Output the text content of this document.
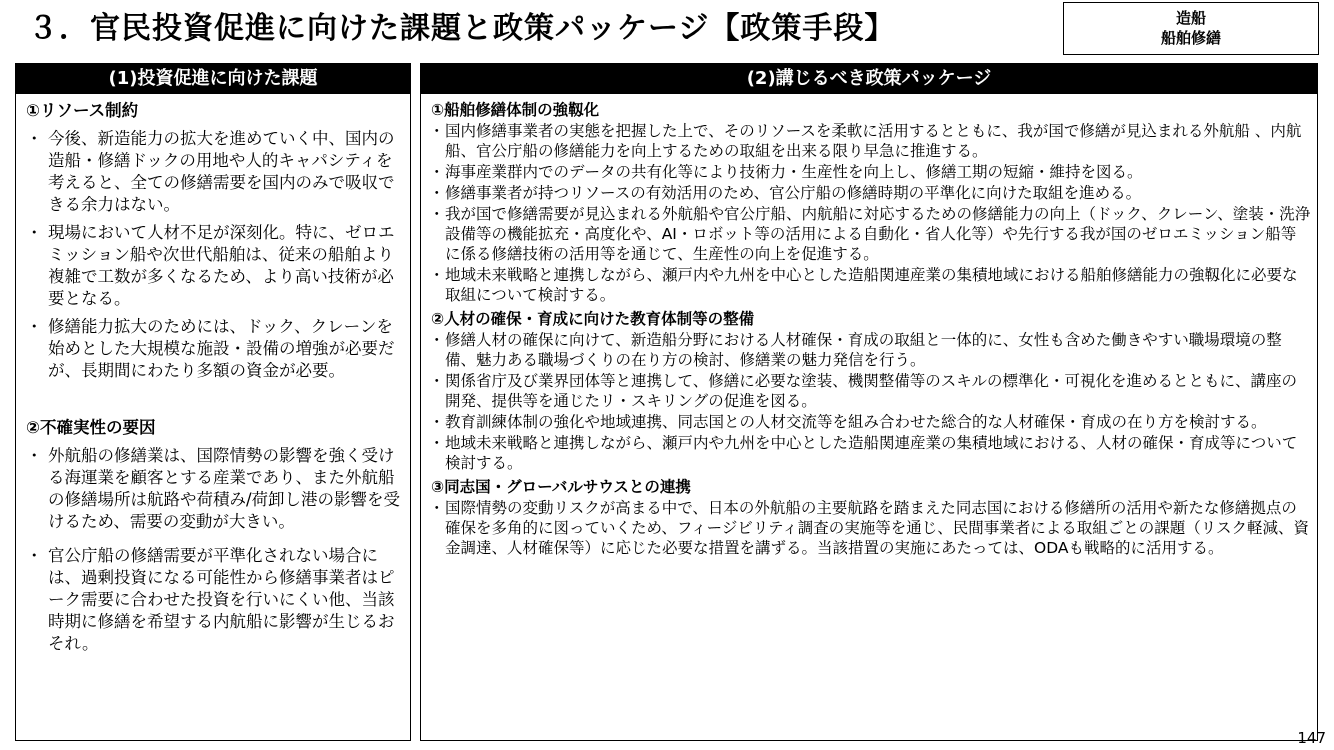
３．官民投資促進に向けた課題と政策パッケージ【政策手段】	造船
船舶修繕
(1)投資促進に向けた課題
①リソース制約
・ 今後、新造能力の拡大を進めていく中、国内の造船・修繕ドックの用地や人的キャパシティを考えると、全ての修繕需要を国内のみで吸収できる余力はない。
・ 現場において人材不足が深刻化。特に、ゼロエミッション船や次世代船舶は、従来の船舶より複雑で工数が多くなるため、より高い技術が必要となる。
・ 修繕能力拡大のためには、ドック、クレーンを始めとした大規模な施設・設備の増強が必要だが、長期間にわたり多額の資金が必要。
②不確実性の要因
・ 外航船の修繕業は、国際情勢の影響を強く受ける海運業を顧客とする産業であり、また外航船の修繕場所は航路や荷積み/荷卸し港の影響を受けるため、需要の変動が大きい。
・ 官公庁船の修繕需要が平準化されない場合には、過剰投資になる可能性から修繕事業者はピーク需要に合わせた投資を行いにくい他、当該時期に修繕を希望する内航船に影響が生じるおそれ。
(2)講じるべき政策パッケージ
①船舶修繕体制の強靱化
・ 国内修繕事業者の実態を把握した上で、そのリソースを柔軟に活用するとともに、我が国で修繕が見込まれる外航船 、内航船、官公庁船の修繕能力を向上するための取組を出来る限り早急に推進する。
・ 海事産業群内でのデータの共有化等により技術力・生産性を向上し、修繕工期の短縮・維持を図る。
・ 修繕事業者が持つリソースの有効活用のため、官公庁船の修繕時期の平準化に向けた取組を進める。
・ 我が国で修繕需要が見込まれる外航船や官公庁船、内航船に対応するための修繕能力の向上（ドック、クレーン、塗装・洗浄設備等の機能拡充・高度化や、AI・ロボット等の活用による自動化・省人化等）や先行する我が国のゼロエミッション船等に係る修繕技術の活用等を通じて、生産性の向上を促進する。
・ 地域未来戦略と連携しながら、瀬戸内や九州を中心とした造船関連産業の集積地域における船舶修繕能力の強靱化に必要な取組について検討する。
②人材の確保・育成に向けた教育体制等の整備
・ 修繕人材の確保に向けて、新造船分野における人材確保・育成の取組と一体的に、女性も含めた働きやすい職場環境の整備、魅力ある職場づくりの在り方の検討、修繕業の魅力発信を行う。
・ 関係省庁及び業界団体等と連携して、修繕に必要な塗装、機関整備等のスキルの標準化・可視化を進めるとともに、講座の開発、提供等を通じたリ・スキリングの促進を図る。
・ 教育訓練体制の強化や地域連携、同志国との人材交流等を組み合わせた総合的な人材確保・育成の在り方を検討する。
・ 地域未来戦略と連携しながら、瀬戸内や九州を中心とした造船関連産業の集積地域における、人材の確保・育成等について検討する。
③同志国・グローバルサウスとの連携
・ 国際情勢の変動リスクが高まる中で、日本の外航船の主要航路を踏まえた同志国における修繕所の活用や新たな修繕拠点の確保を多角的に図っていくため、フィージビリティ調査の実施等を通じ、民間事業者による取組ごとの課題（リスク軽減、資金調達、人材確保等）に応じた必要な措置を講ずる。当該措置の実施にあたっては、ODAも戦略的に活用する。
147
